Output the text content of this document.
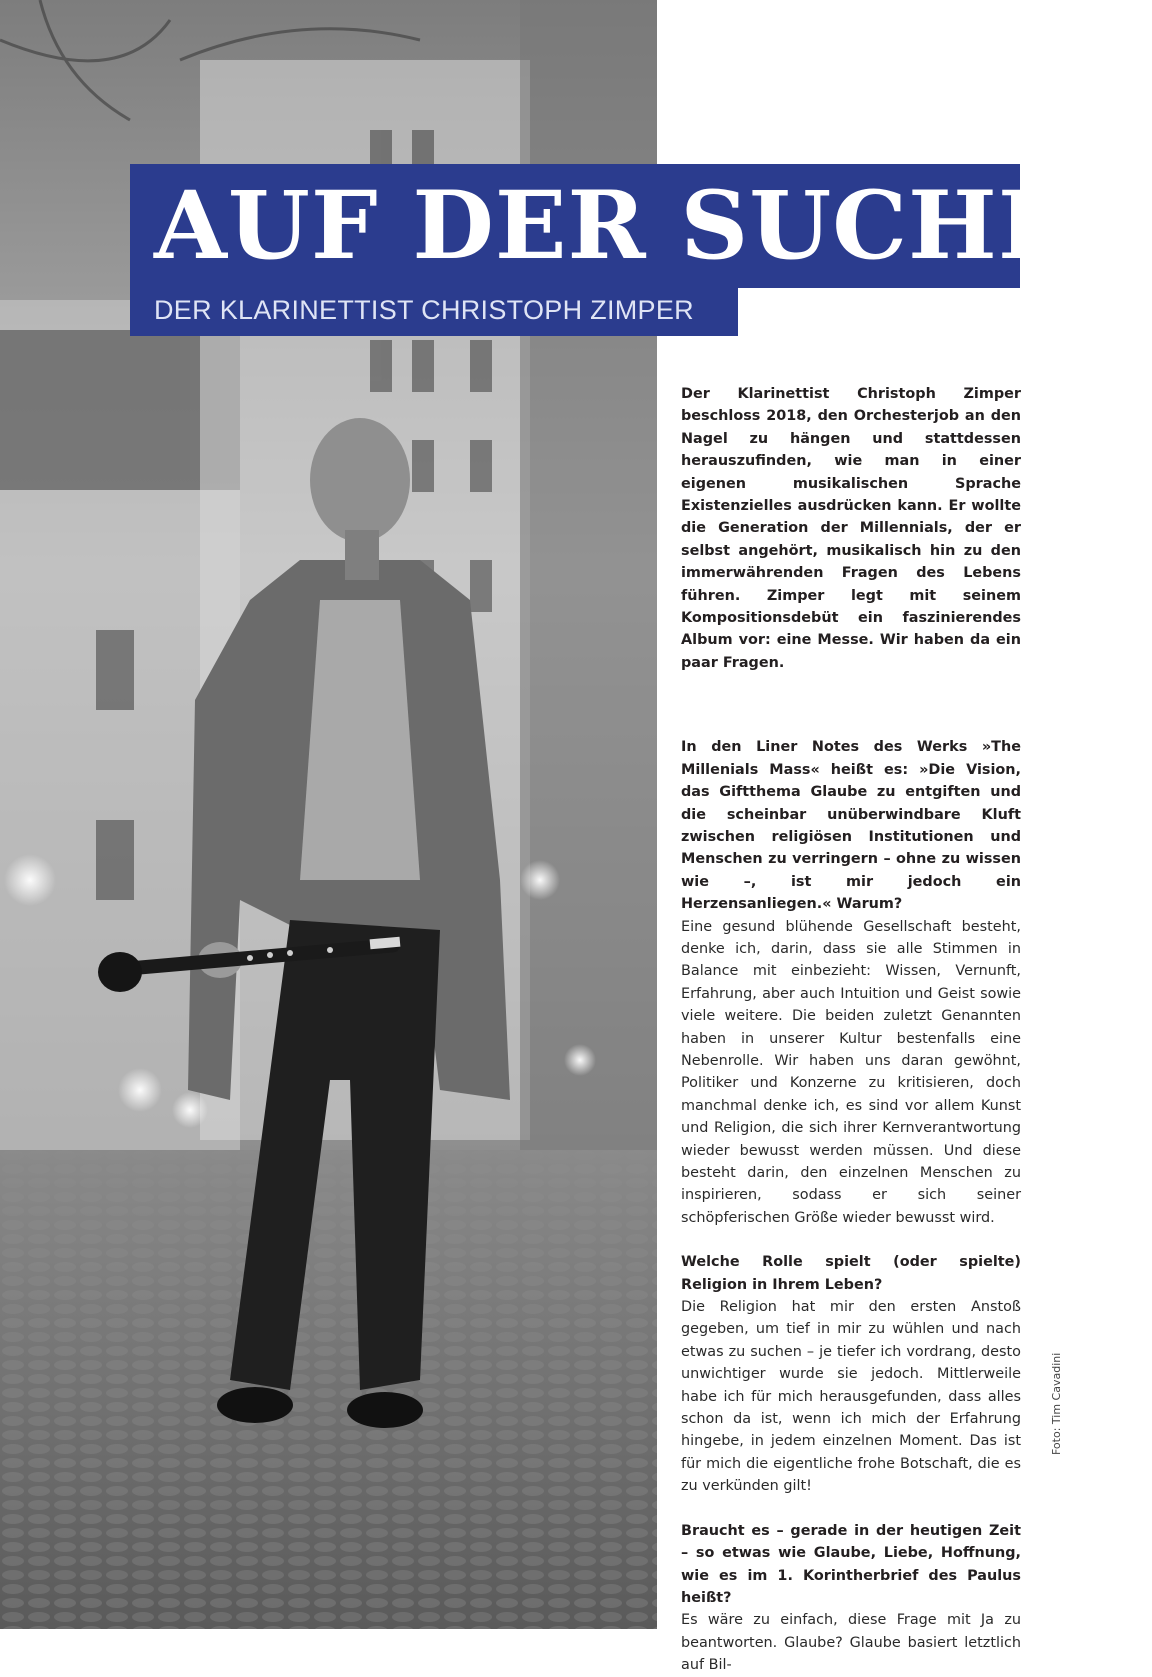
AUF DER SUCHE
DER KLARINETTIST CHRISTOPH ZIMPER

Der Klarinettist Christoph Zimper beschloss 2018, den Orchesterjob an den Nagel zu hängen und stattdessen herauszufinden, wie man in einer eigenen musikalischen Sprache Existenzielles ausdrücken kann. Er wollte die Generation der Millennials, der er selbst angehört, musikalisch hin zu den immerwährenden Fragen des Lebens führen. Zimper legt mit seinem Kompositionsdebüt ein faszinierendes Album vor: eine Messe. Wir haben da ein paar Fragen.

In den Liner Notes des Werks »The Millenials Mass« heißt es: »Die Vision, das Giftthema Glaube zu entgiften und die scheinbar unüberwindbare Kluft zwischen religiösen Institutionen und Menschen zu verringern – ohne zu wissen wie –, ist mir jedoch ein Herzensanliegen.« Warum?

Eine gesund blühende Gesellschaft besteht, denke ich, darin, dass sie alle Stimmen in Balance mit einbezieht: Wissen, Vernunft, Erfahrung, aber auch Intuition und Geist sowie viele weitere. Die beiden zuletzt Genannten haben in unserer Kultur bestenfalls eine Nebenrolle. Wir haben uns daran gewöhnt, Politiker und Konzerne zu kritisieren, doch manchmal denke ich, es sind vor allem Kunst und Religion, die sich ihrer Kernverantwortung wieder bewusst werden müssen. Und diese besteht darin, den einzelnen Menschen zu inspirieren, sodass er sich seiner schöpferischen Größe wieder bewusst wird.

Welche Rolle spielt (oder spielte) Religion in Ihrem Leben?

Die Religion hat mir den ersten Anstoß gegeben, um tief in mir zu wühlen und nach etwas zu suchen – je tiefer ich vordrang, desto unwichtiger wurde sie jedoch. Mittlerweile habe ich für mich herausgefunden, dass alles schon da ist, wenn ich mich der Erfahrung hingebe, in jedem einzelnen Moment. Das ist für mich die eigentliche frohe Botschaft, die es zu verkünden gilt!

Braucht es – gerade in der heutigen Zeit – so etwas wie Glaube, Liebe, Hoffnung, wie es im 1. Korintherbrief des Paulus heißt?

Es wäre zu einfach, diese Frage mit Ja zu beantworten. Glaube? Glaube basiert letztlich auf Bil-

Foto: Tim Cavadini
